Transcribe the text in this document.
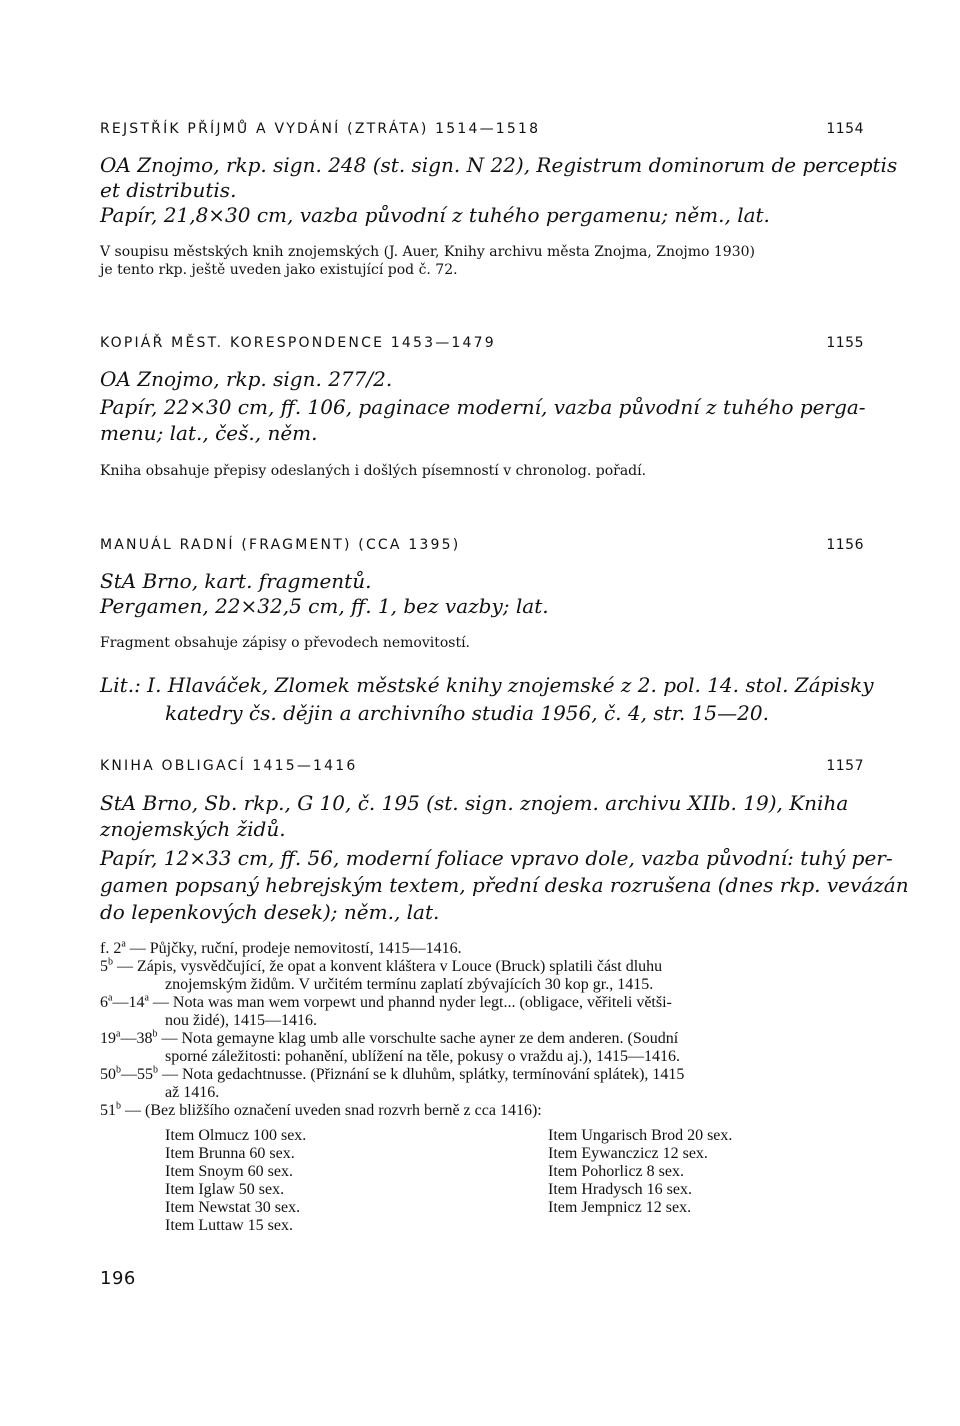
REJSTŘÍK PŘÍJMŮ A VYDÁNÍ (ZTRÁTA) 1514—1518	1154
OA Znojmo, rkp. sign. 248 (st. sign. N 22), Registrum dominorum de perceptis
et distributis.
Papír, 21,8×30 cm, vazba původní z tuhého pergamenu; něm., lat.
V soupisu městských knih znojemských (J. Auer, Knihy archivu města Znojma, Znojmo 1930)
je tento rkp. ještě uveden jako existující pod č. 72.
KOPIÁŘ MĚST. KORESPONDENCE 1453—1479	1155
OA Znojmo, rkp. sign. 277/2.
Papír, 22×30 cm, ff. 106, paginace moderní, vazba původní z tuhého perga-
menu; lat., češ., něm.
Kniha obsahuje přepisy odeslaných i došlých písemností v chronolog. pořadí.
MANUÁL RADNÍ (FRAGMENT) (CCA 1395)	1156
StA Brno, kart. fragmentů.
Pergamen, 22×32,5 cm, ff. 1, bez vazby; lat.
Fragment obsahuje zápisy o převodech nemovitostí.
Lit.: I. Hlaváček, Zlomek městské knihy znojemské z 2. pol. 14. stol. Zápisky
katedry čs. dějin a archivního studia 1956, č. 4, str. 15—20.
KNIHA OBLIGACÍ 1415—1416	1157
StA Brno, Sb. rkp., G 10, č. 195 (st. sign. znojem. archivu XIIb. 19), Kniha
znojemských židů.
Papír, 12×33 cm, ff. 56, moderní foliace vpravo dole, vazba původní: tuhý per-
gamen popsaný hebrejským textem, přední deska rozrušena (dnes rkp. vevázán
do lepenkových desek); něm., lat.
f. 2$^a$ — Půjčky, ruční, prodeje nemovitostí, 1415—1416.
5$^b$ — Zápis, vysvědčující, že opat a konvent kláštera v Louce (Bruck) splatili část dluhu
znojemským židům. V určitém termínu zaplatí zbývajících 30 kop gr., 1415.
6$^a$—14$^a$ — Nota was man wem vorpewt und phannd nyder legt... (obligace, věřiteli větši-
nou židé), 1415—1416.
19$^a$—38$^b$ — Nota gemayne klag umb alle vorschulte sache ayner ze dem anderen. (Soudní
sporné záležitosti: pohanění, ublížení na těle, pokusy o vraždu aj.), 1415—1416.
50$^b$—55$^b$ — Nota gedachtnusse. (Přiznání se k dluhům, splátky, termínování splátek), 1415
až 1416.
51$^b$ — (Bez bližšího označení uveden snad rozvrh berně z cca 1416):
Item Olmucz 100 sex.
Item Brunna 60 sex.
Item Snoym 60 sex.
Item Iglaw 50 sex.
Item Newstat 30 sex.
Item Luttaw 15 sex.
Item Ungarisch Brod 20 sex.
Item Eywanczicz 12 sex.
Item Pohorlicz 8 sex.
Item Hradysch 16 sex.
Item Jempnicz 12 sex.
196
